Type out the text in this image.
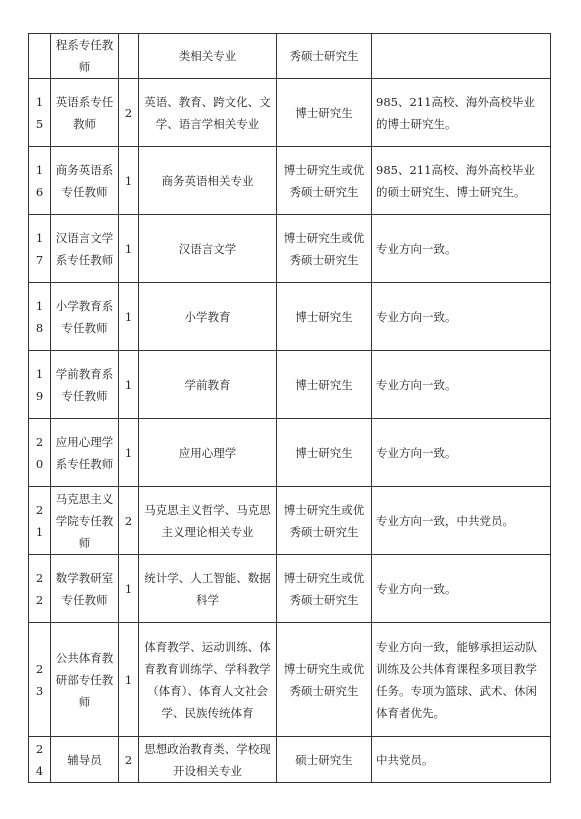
	程系专任教师		类相关专业	秀硕士研究生	
15	英语系专任教师	2	英语、教育、跨文化、文学、语言学相关专业	博士研究生	985、211高校、海外高校毕业的博士研究生。
16	商务英语系专任教师	1	商务英语相关专业	博士研究生或优秀硕士研究生	985、211高校、海外高校毕业的硕士研究生、博士研究生。
17	汉语言文学系专任教师	1	汉语言文学	博士研究生或优秀硕士研究生	专业方向一致。
18	小学教育系专任教师	1	小学教育	博士研究生	专业方向一致。
19	学前教育系专任教师	1	学前教育	博士研究生	专业方向一致。
20	应用心理学系专任教师	1	应用心理学	博士研究生	专业方向一致。
21	马克思主义学院专任教师	2	马克思主义哲学、马克思主义理论相关专业	博士研究生或优秀硕士研究生	专业方向一致，中共党员。
22	数学教研室专任教师	1	统计学、人工智能、数据科学	博士研究生或优秀硕士研究生	专业方向一致。
23	公共体育教研部专任教师	1	体育教学、运动训练、体育教育训练学、学科教学（体育）、体育人文社会学、民族传统体育	博士研究生或优秀硕士研究生	专业方向一致，能够承担运动队训练及公共体育课程多项目教学任务。专项为篮球、武术、休闲体育者优先。
24	辅导员	2	思想政治教育类、学校现开设相关专业	硕士研究生	中共党员。
